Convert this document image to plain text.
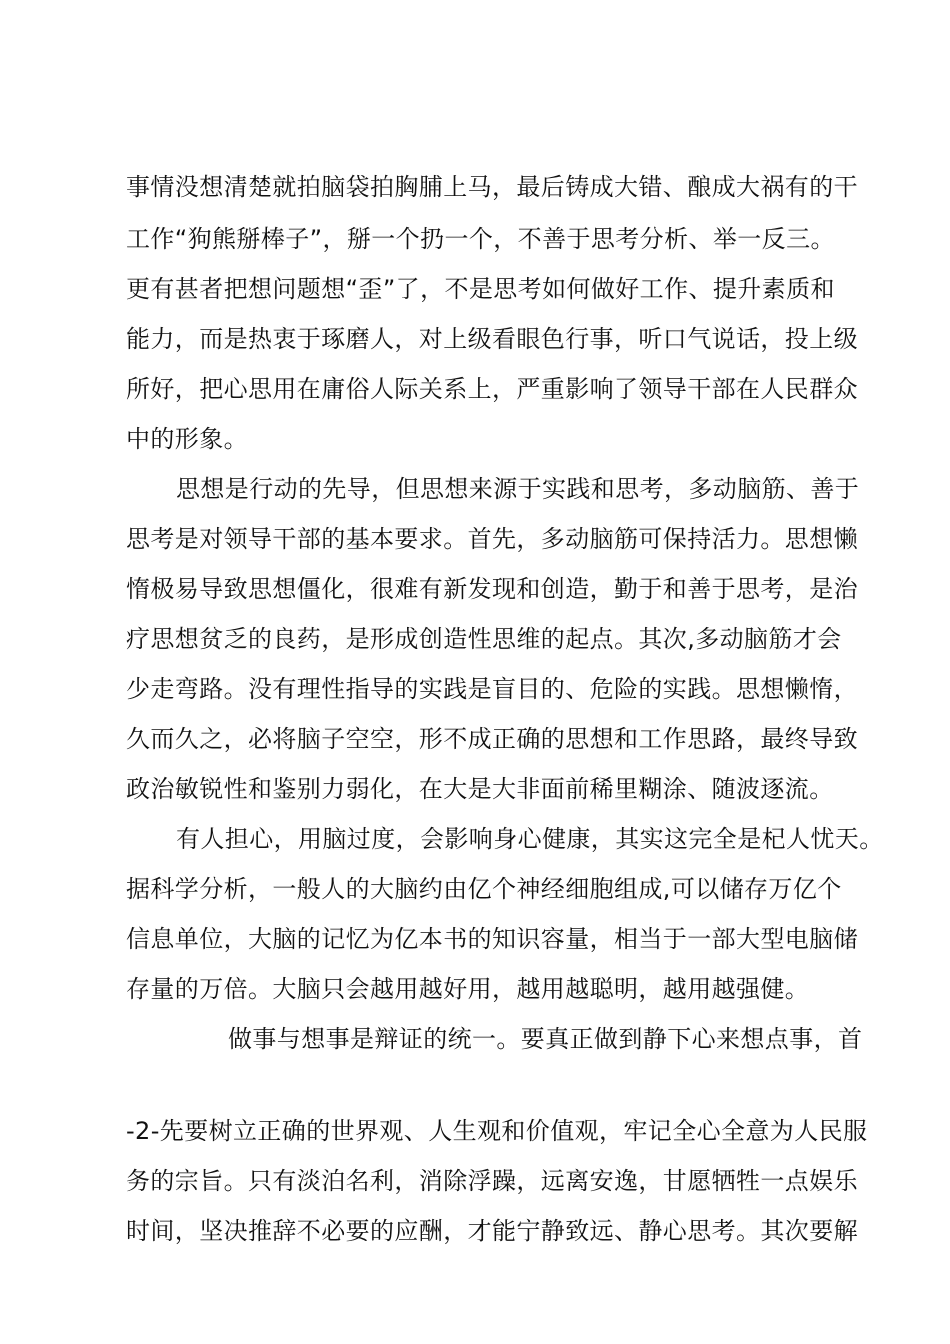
事情没想清楚就拍脑袋拍胸脯上马，最后铸成大错、酿成大祸有的干
工作“狗熊掰棒子”，掰一个扔一个，不善于思考分析、举一反三。
更有甚者把想问题想“歪”了，不是思考如何做好工作、提升素质和
能力，而是热衷于琢磨人，对上级看眼色行事，听口气说话，投上级
所好，把心思用在庸俗人际关系上，严重影响了领导干部在人民群众
中的形象。
思想是行动的先导，但思想来源于实践和思考，多动脑筋、善于
思考是对领导干部的基本要求。首先，多动脑筋可保持活力。思想懒
惰极易导致思想僵化，很难有新发现和创造，勤于和善于思考，是治
疗思想贫乏的良药，是形成创造性思维的起点。其次,多动脑筋才会
少走弯路。没有理性指导的实践是盲目的、危险的实践。思想懒惰，
久而久之，必将脑子空空，形不成正确的思想和工作思路，最终导致
政治敏锐性和鉴别力弱化，在大是大非面前稀里糊涂、随波逐流。
有人担心，用脑过度，会影响身心健康，其实这完全是杞人忧天。
据科学分析，一般人的大脑约由亿个神经细胞组成,可以储存万亿个
信息单位，大脑的记忆为亿本书的知识容量，相当于一部大型电脑储
存量的万倍。大脑只会越用越好用，越用越聪明，越用越强健。
做事与想事是辩证的统一。要真正做到静下心来想点事，首
-2-先要树立正确的世界观、人生观和价值观，牢记全心全意为人民服
务的宗旨。只有淡泊名利，消除浮躁，远离安逸，甘愿牺牲一点娱乐
时间，坚决推辞不必要的应酬，才能宁静致远、静心思考。其次要解
